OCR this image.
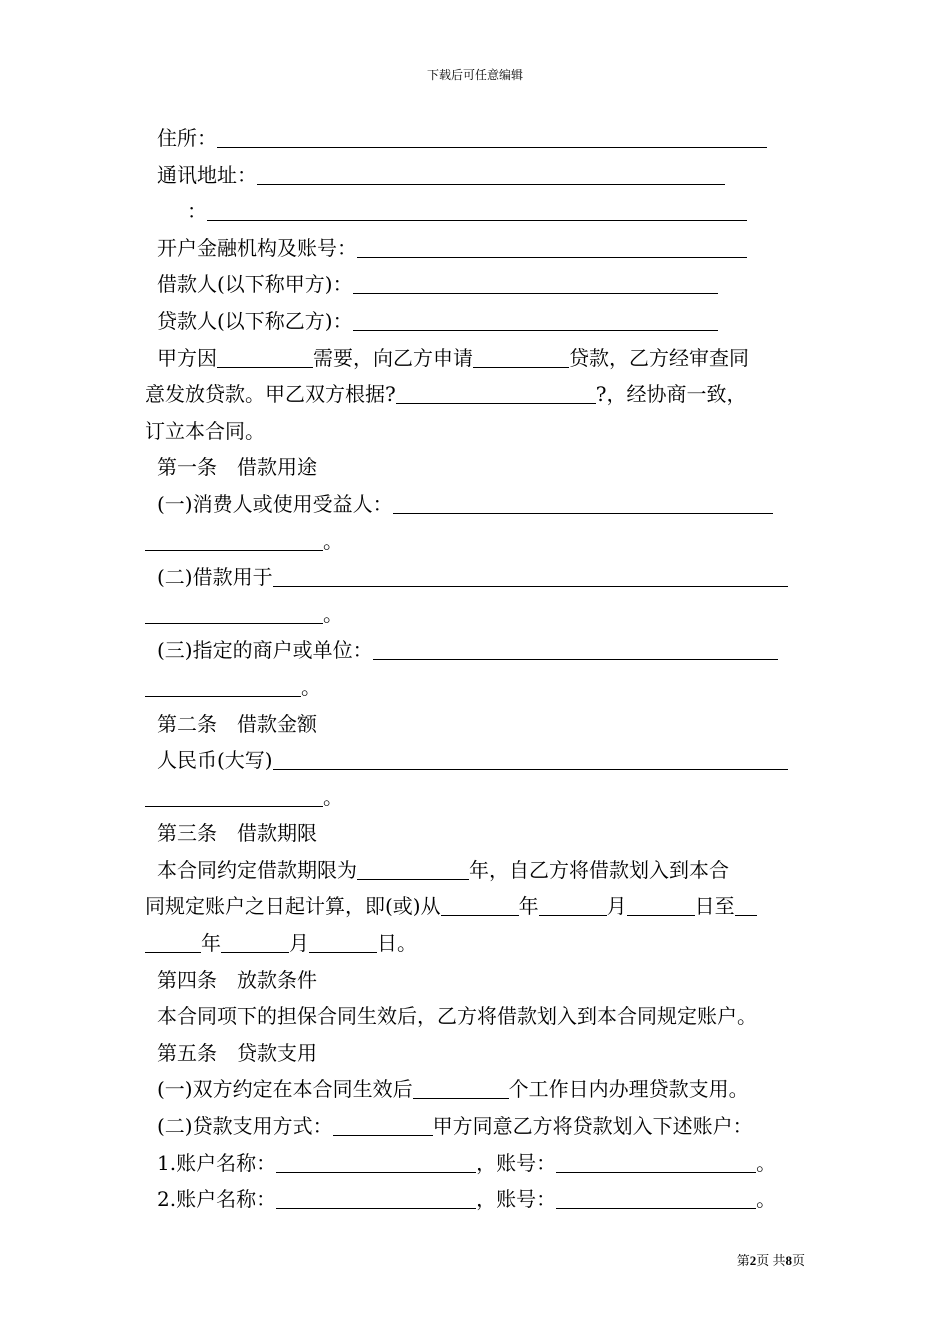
下载后可任意编辑
住所：
通讯地址：
：
开户金融机构及账号：
借款人(以下称甲方)：
贷款人(以下称乙方)：
甲方因	需要，向乙方申请	贷款，乙方经审查同
意发放贷款。甲乙双方根据?	?，经协商一致，
订立本合同。
第一条　借款用途
(一)消费人或使用受益人：
。
(二)借款用于
。
(三)指定的商户或单位：
。
第二条　借款金额
人民币(大写)
。
第三条　借款期限
本合同约定借款期限为	年，自乙方将借款划入到本合
同规定账户之日起计算，即(或)从	年	月	日至
年	月	日。
第四条　放款条件
本合同项下的担保合同生效后，乙方将借款划入到本合同规定账户。
第五条　贷款支用
(一)双方约定在本合同生效后	个工作日内办理贷款支用。
(二)贷款支用方式：	甲方同意乙方将贷款划入下述账户：
1.账户名称：	，账号：	。
2.账户名称：	，账号：	。
第2页 共8页
